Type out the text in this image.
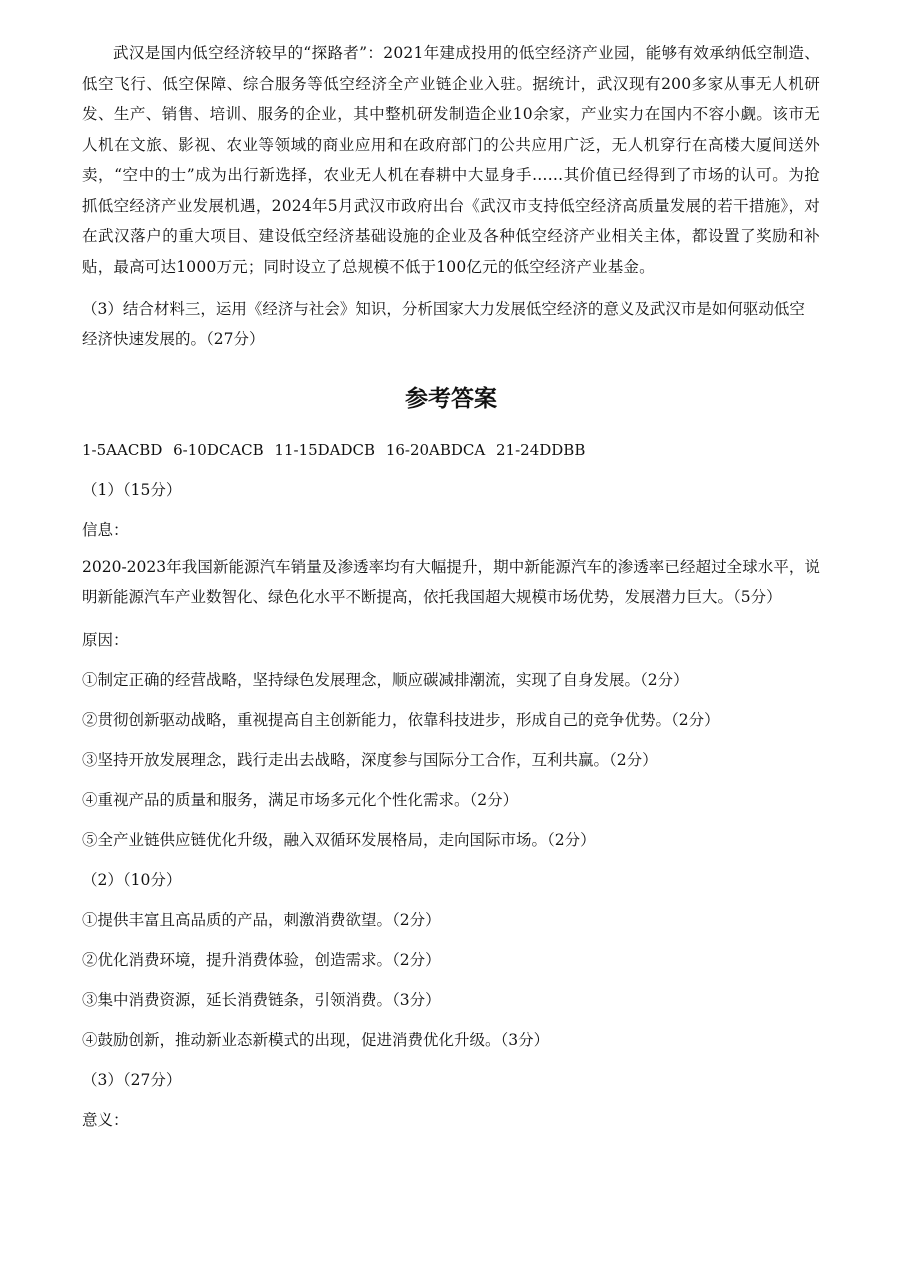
武汉是国内低空经济较早的“探路者”：2021年建成投用的低空经济产业园，能够有效承纳低空制造、低空飞行、低空保障、综合服务等低空经济全产业链企业入驻。据统计，武汉现有200多家从事无人机研发、生产、销售、培训、服务的企业，其中整机研发制造企业10余家，产业实力在国内不容小觑。该市无人机在文旅、影视、农业等领域的商业应用和在政府部门的公共应用广泛，无人机穿行在高楼大厦间送外卖，“空中的士”成为出行新选择，农业无人机在春耕中大显身手……其价值已经得到了市场的认可。为抢抓低空经济产业发展机遇，2024年5月武汉市政府出台《武汉市支持低空经济高质量发展的若干措施》，对在武汉落户的重大项目、建设低空经济基础设施的企业及各种低空经济产业相关主体，都设置了奖励和补贴，最高可达1000万元；同时设立了总规模不低于100亿元的低空经济产业基金。

（3）结合材料三，运用《经济与社会》知识，分析国家大力发展低空经济的意义及武汉市是如何驱动低空经济快速发展的。（27分）

参考答案

1-5AACBD 6-10DCACB 11-15DADCB 16-20ABDCA 21-24DDBB

（1）（15分）

信息：

2020-2023年我国新能源汽车销量及渗透率均有大幅提升，期中新能源汽车的渗透率已经超过全球水平，说明新能源汽车产业数智化、绿色化水平不断提高，依托我国超大规模市场优势，发展潜力巨大。（5分）

原因：

①制定正确的经营战略，坚持绿色发展理念，顺应碳减排潮流，实现了自身发展。（2分）

②贯彻创新驱动战略，重视提高自主创新能力，依靠科技进步，形成自己的竞争优势。（2分）

③坚持开放发展理念，践行走出去战略，深度参与国际分工合作，互利共赢。（2分）

④重视产品的质量和服务，满足市场多元化个性化需求。（2分）

⑤全产业链供应链优化升级，融入双循环发展格局，走向国际市场。（2分）

（2）（10分）

①提供丰富且高品质的产品，刺激消费欲望。（2分）

②优化消费环境，提升消费体验，创造需求。（2分）

③集中消费资源，延长消费链条，引领消费。（3分）

④鼓励创新，推动新业态新模式的出现，促进消费优化升级。（3分）

（3）（27分）

意义：
